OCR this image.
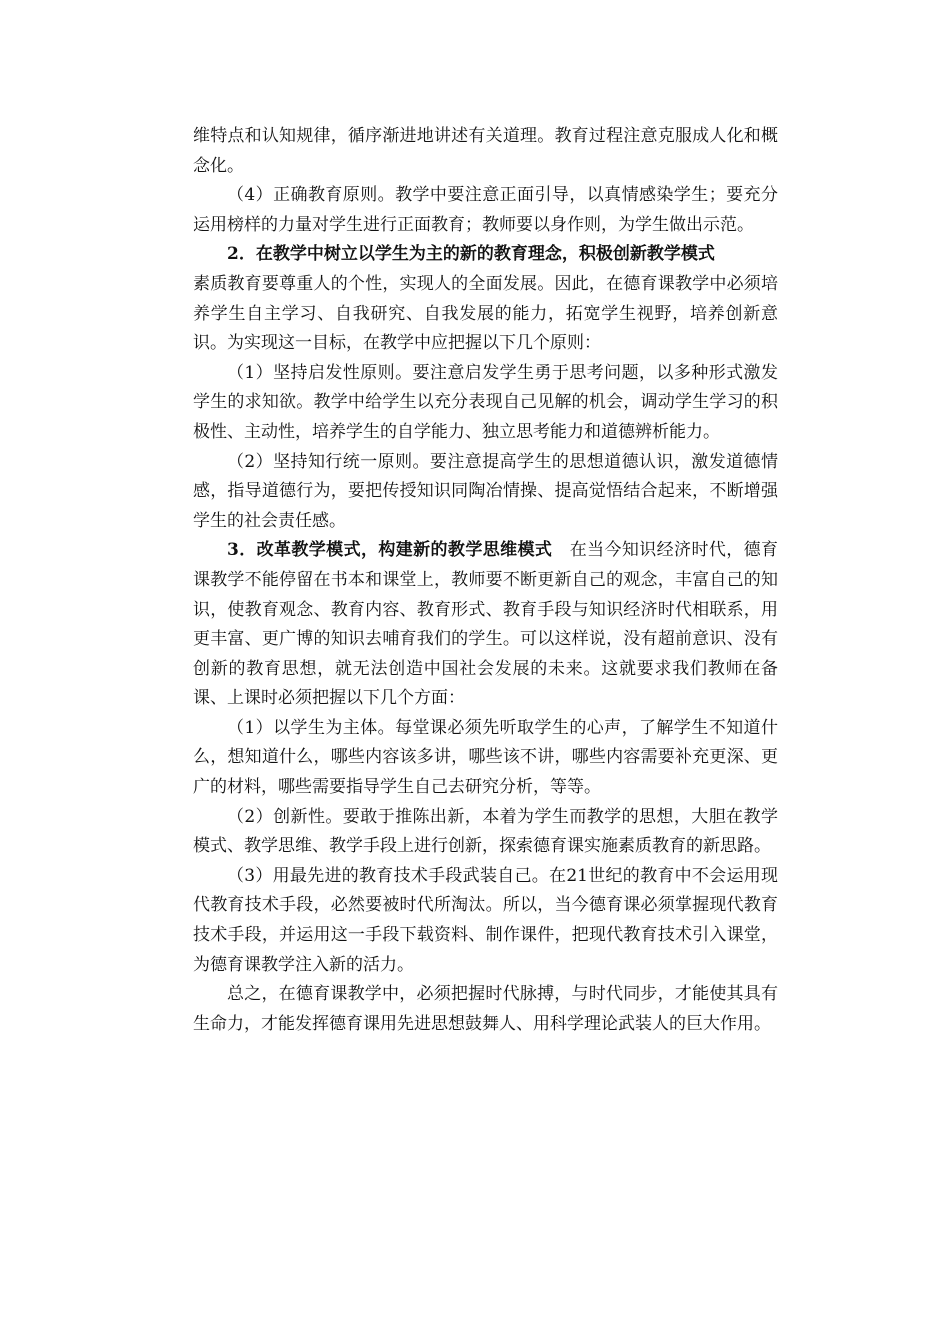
维特点和认知规律，循序渐进地讲述有关道理。教育过程注意克服成人化和概念化。

（4）正确教育原则。教学中要注意正面引导，以真情感染学生；要充分运用榜样的力量对学生进行正面教育；教师要以身作则，为学生做出示范。

2．在教学中树立以学生为主的新的教育理念，积极创新教学模式
素质教育要尊重人的个性，实现人的全面发展。因此，在德育课教学中必须培养学生自主学习、自我研究、自我发展的能力，拓宽学生视野，培养创新意识。为实现这一目标，在教学中应把握以下几个原则：

（1）坚持启发性原则。要注意启发学生勇于思考问题，以多种形式激发学生的求知欲。教学中给学生以充分表现自己见解的机会，调动学生学习的积极性、主动性，培养学生的自学能力、独立思考能力和道德辨析能力。

（2）坚持知行统一原则。要注意提高学生的思想道德认识，激发道德情感，指导道德行为，要把传授知识同陶冶情操、提高觉悟结合起来，不断增强学生的社会责任感。

3．改革教学模式，构建新的教学思维模式　在当今知识经济时代，德育课教学不能停留在书本和课堂上，教师要不断更新自己的观念，丰富自己的知识，使教育观念、教育内容、教育形式、教育手段与知识经济时代相联系，用更丰富、更广博的知识去哺育我们的学生。可以这样说，没有超前意识、没有创新的教育思想，就无法创造中国社会发展的未来。这就要求我们教师在备课、上课时必须把握以下几个方面：

（1）以学生为主体。每堂课必须先听取学生的心声，了解学生不知道什么，想知道什么，哪些内容该多讲，哪些该不讲，哪些内容需要补充更深、更广的材料，哪些需要指导学生自己去研究分析，等等。

（2）创新性。要敢于推陈出新，本着为学生而教学的思想，大胆在教学模式、教学思维、教学手段上进行创新，探索德育课实施素质教育的新思路。

（3）用最先进的教育技术手段武装自己。在21世纪的教育中不会运用现代教育技术手段，必然要被时代所淘汰。所以，当今德育课必须掌握现代教育技术手段，并运用这一手段下载资料、制作课件，把现代教育技术引入课堂，为德育课教学注入新的活力。

总之，在德育课教学中，必须把握时代脉搏，与时代同步，才能使其具有生命力，才能发挥德育课用先进思想鼓舞人、用科学理论武装人的巨大作用。
